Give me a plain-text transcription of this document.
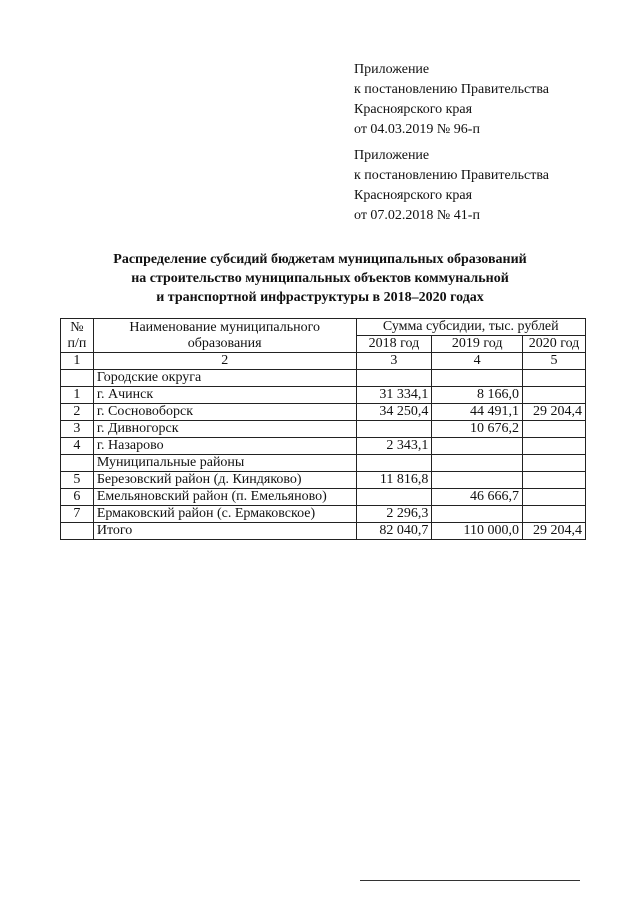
Приложение
к постановлению Правительства
Красноярского края
от 04.03.2019 № 96-п
Приложение
к постановлению Правительства
Красноярского края
от 07.02.2018 № 41-п
Распределение субсидий бюджетам муниципальных образований
на строительство муниципальных объектов коммунальной
и транспортной инфраструктуры в 2018–2020 годах
№
п/п	Наименование муниципального образования	Сумма субсидии, тыс. рублей		
		2018 год	2019 год	2020 год
1	2	3	4	5
	Городские округа			
1	г. Ачинск	31 334,1	8 166,0	
2	г. Сосновоборск	34 250,4	44 491,1	29 204,4
3	г. Дивногорск		10 676,2	
4	г. Назарово	2 343,1		
	Муниципальные районы			
5	Березовский район (д. Киндяково)	11 816,8		
6	Емельяновский район (п. Емельяново)		46 666,7	
7	Ермаковский район (с. Ермаковское)	2 296,3		
	Итого	82 040,7	110 000,0	29 204,4
